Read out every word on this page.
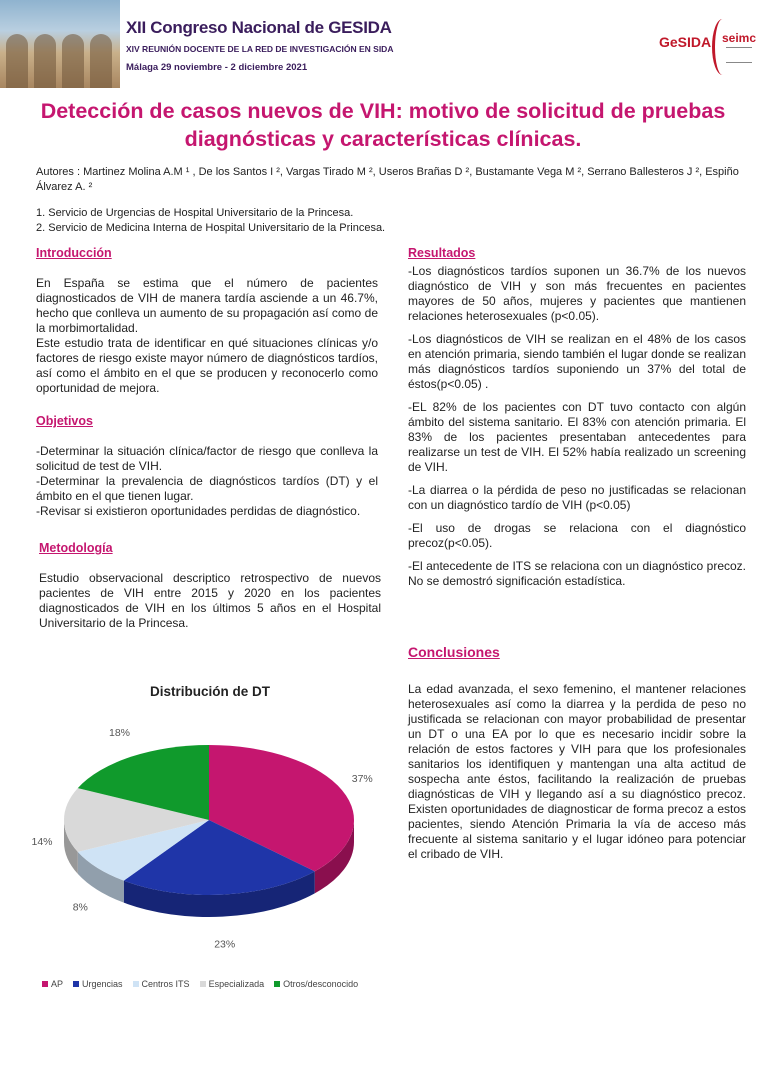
XII Congreso Nacional de GESIDA
XIV REUNIÓN DOCENTE DE LA RED DE INVESTIGACIÓN EN SIDA
Málaga 29 noviembre - 2 diciembre 2021
GeSIDA seimc
Detección de casos nuevos de VIH: motivo de solicitud de pruebas diagnósticas y características clínicas.
Autores : Martinez Molina A.M ¹ , De los Santos I ², Vargas Tirado M ², Useros Brañas D ², Bustamante Vega M ², Serrano Ballesteros J ², Espiño Álvarez A. ²
1. Servicio de Urgencias de Hospital Universitario de la Princesa.
2. Servicio de Medicina Interna de Hospital Universitario de la Princesa.
Introducción

En España se estima que el número de pacientes diagnosticados de VIH de manera tardía asciende a un 46.7%, hecho que conlleva un aumento de su propagación así como de la morbimortalidad.

Este estudio trata de identificar en qué situaciones clínicas y/o factores de riesgo existe mayor número de diagnósticos tardíos, así como el ámbito en el que se producen y reconocerlo como oportunidad de mejora.

Objetivos

-Determinar la situación clínica/factor de riesgo que conlleva la solicitud de test de VIH.

-Determinar la prevalencia de diagnósticos tardíos (DT) y el ámbito en el que tienen lugar.

-Revisar si existieron oportunidades perdidas de diagnóstico.

Metodología
Estudio observacional descriptico retrospectivo de nuevos pacientes de VIH entre 2015 y 2020 en los pacientes diagnosticados de VIH en los últimos 5 años en el Hospital Universitario de la Princesa.
Resultados

-Los diagnósticos tardíos suponen un 36.7% de los nuevos diagnóstico de VIH y son más frecuentes en pacientes mayores de 50 años, mujeres y pacientes que mantienen relaciones heterosexuales (p<0.05).

-Los diagnósticos de VIH se realizan en el 48% de los casos en atención primaria, siendo también el lugar donde se realizan más diagnósticos tardíos suponiendo un 37% del total de éstos(p<0.05) .

-EL 82% de los pacientes con DT tuvo contacto con algún ámbito del sistema sanitario. El 83% con atención primaria. El 83% de los pacientes presentaban antecedentes para realizarse un test de VIH. El 52% había realizado un screening de VIH.

-La diarrea o la pérdida de peso no justificadas se relacionan con un diagnóstico tardío de VIH (p<0.05)

-El uso de drogas se relaciona con el diagnóstico precoz(p<0.05).

-El antecedente de ITS se relaciona con un diagnóstico precoz. No se demostró significación estadística.

Conclusiones
La edad avanzada, el sexo femenino, el mantener relaciones heterosexuales así como la diarrea y la perdida de peso no justificada se relacionan con mayor probabilidad de presentar un DT o una EA por lo que es necesario incidir sobre la relación de estos factores y VIH para que los profesionales sanitarios los identifiquen y mantengan una alta actitud de sospecha ante éstos, facilitando la realización de pruebas diagnósticas de VIH y llegando así a su diagnóstico precoz. Existen oportunidades de diagnosticar de forma precoz a estos pacientes, siendo Atención Primaria la vía de acceso más frecuente al sistema sanitario y el lugar idóneo para potenciar el cribado de VIH.
Distribución de DT
37%
23%
8%
14%
18%
AP Urgencias Centros ITS Especializada Otros/desconocido
